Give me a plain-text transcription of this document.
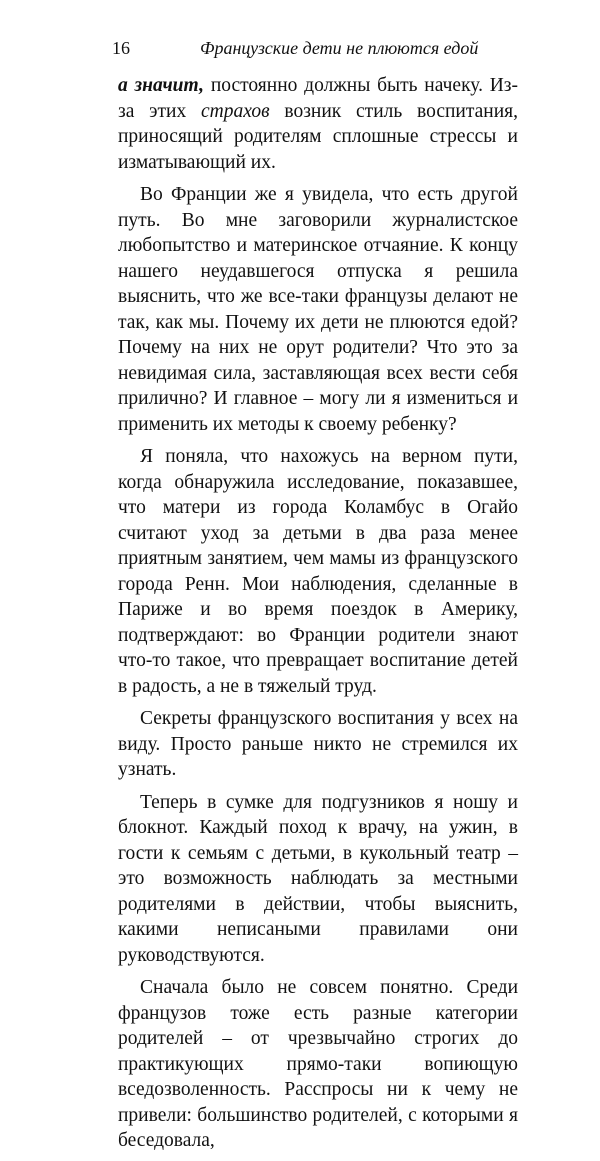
16	Французские дети не плюются едой

а значит, постоянно должны быть начеку. Из-за этих страхов возник стиль воспитания, приносящий родителям сплошные стрессы и изматывающий их.

Во Франции же я увидела, что есть другой путь. Во мне заговорили журналистское любопытство и материнское отчаяние. К концу нашего неудавшегося отпуска я решила выяснить, что же все-таки французы делают не так, как мы. Почему их дети не плюются едой? Почему на них не орут родители? Что это за невидимая сила, заставляющая всех вести себя прилично? И главное – могу ли я измениться и применить их методы к своему ребенку?

Я поняла, что нахожусь на верном пути, когда обнаружила исследование, показавшее, что матери из города Коламбус в Огайо считают уход за детьми в два раза менее приятным занятием, чем мамы из французского города Ренн. Мои наблюдения, сделанные в Париже и во время поездок в Америку, подтверждают: во Франции родители знают что-то такое, что превращает воспитание детей в радость, а не в тяжелый труд.

Секреты французского воспитания у всех на виду. Просто раньше никто не стремился их узнать.

Теперь в сумке для подгузников я ношу и блокнот. Каждый поход к врачу, на ужин, в гости к семьям с детьми, в кукольный театр – это возможность наблюдать за местными родителями в действии, чтобы выяснить, какими неписаными правилами они руководствуются.

Сначала было не совсем понятно. Среди французов тоже есть разные категории родителей – от чрезвычайно строгих до практикующих прямо-таки вопиющую вседозволенность. Расспросы ни к чему не привели: большинство родителей, с которыми я беседовала,
